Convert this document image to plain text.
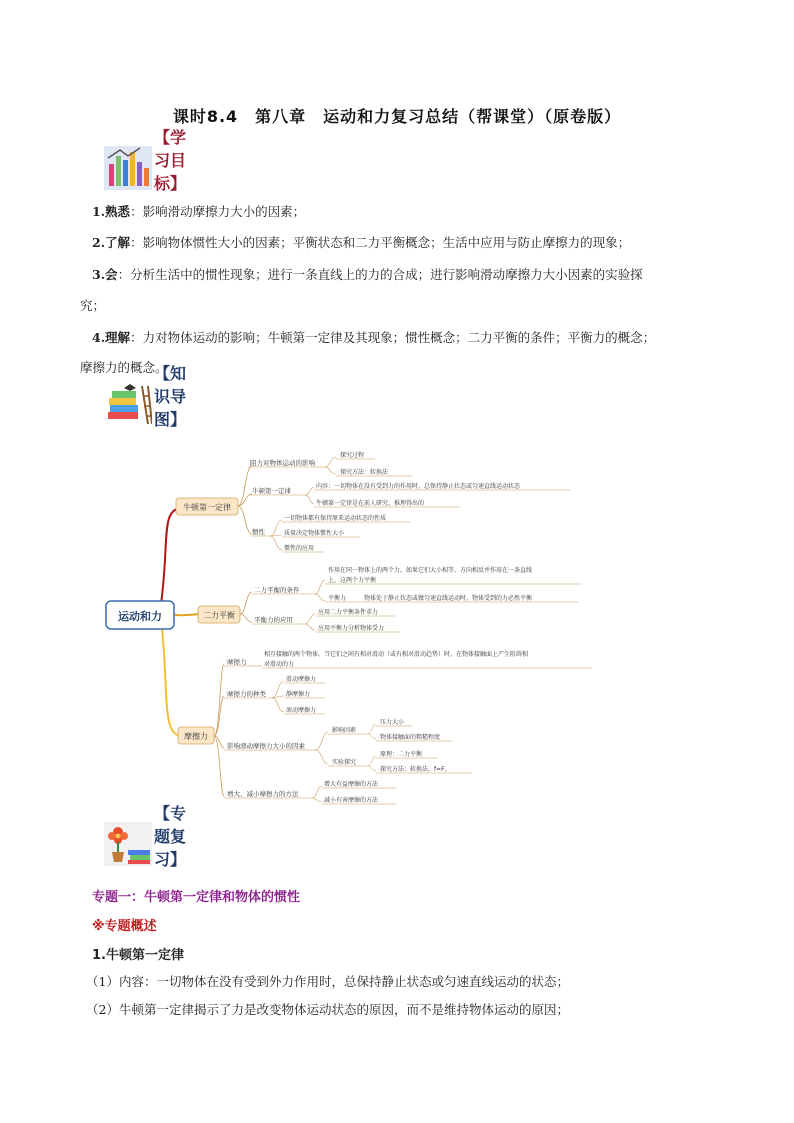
课时8.4　第八章　运动和力复习总结（帮课堂）（原卷版）
【学习目标】
1.熟悉：影响滑动摩擦力大小的因素；
2.了解：影响物体惯性大小的因素；平衡状态和二力平衡概念；生活中应用与防止摩擦力的现象；
3.会：分析生活中的惯性现象；进行一条直线上的力的合成；进行影响滑动摩擦力大小因素的实验探
究；
4.理解：力对物体运动的影响；牛顿第一定律及其现象；惯性概念；二力平衡的条件；平衡力的概念；
摩擦力的概念。
【知识导图】
运动和力
牛顿第一定律
阻力对物体运动的影响
探究过程
探究方法：转换法
牛顿第一定律
内容：一切物体在没有受到力的作用时，总保持静止状态或匀速直线运动状态
牛顿第一定律是在前人研究、推理得出的
惯性
一切物体都有保持原来运动状态的性质
质量决定物体惯性大小
惯性的应用
二力平衡
二力平衡的条件
作用在同一物体上的两个力，如果它们大小相等、方向相反并作用在一条直线
上，这两个力平衡
平衡力	物体处于静止状态或做匀速直线运动时，物体受到的力必然平衡
平衡力的应用
应用二力平衡条件求力
应用平衡力分析物体受力
摩擦力
摩擦力
相互接触的两个物体，当它们之间有相对滑动（或有相对滑动趋势）时，在物体接触面上产生阻碍相
对滑动的力
摩擦力的种类
滑动摩擦力
静摩擦力
滚动摩擦力
影响滑动摩擦力大小的因素
影响因素
压力大小
物体接触面的粗糙程度
实验探究
原理：二力平衡
探究方法：转换法，f=F。
增大、减小摩擦力的方法
增大有益摩擦的方法
减小有害摩擦的方法
【专题复习】
专题一：牛顿第一定律和物体的惯性
※专题概述
1.牛顿第一定律
（1）内容：一切物体在没有受到外力作用时，总保持静止状态或匀速直线运动的状态；
（2）牛顿第一定律揭示了力是改变物体运动状态的原因，而不是维持物体运动的原因；
